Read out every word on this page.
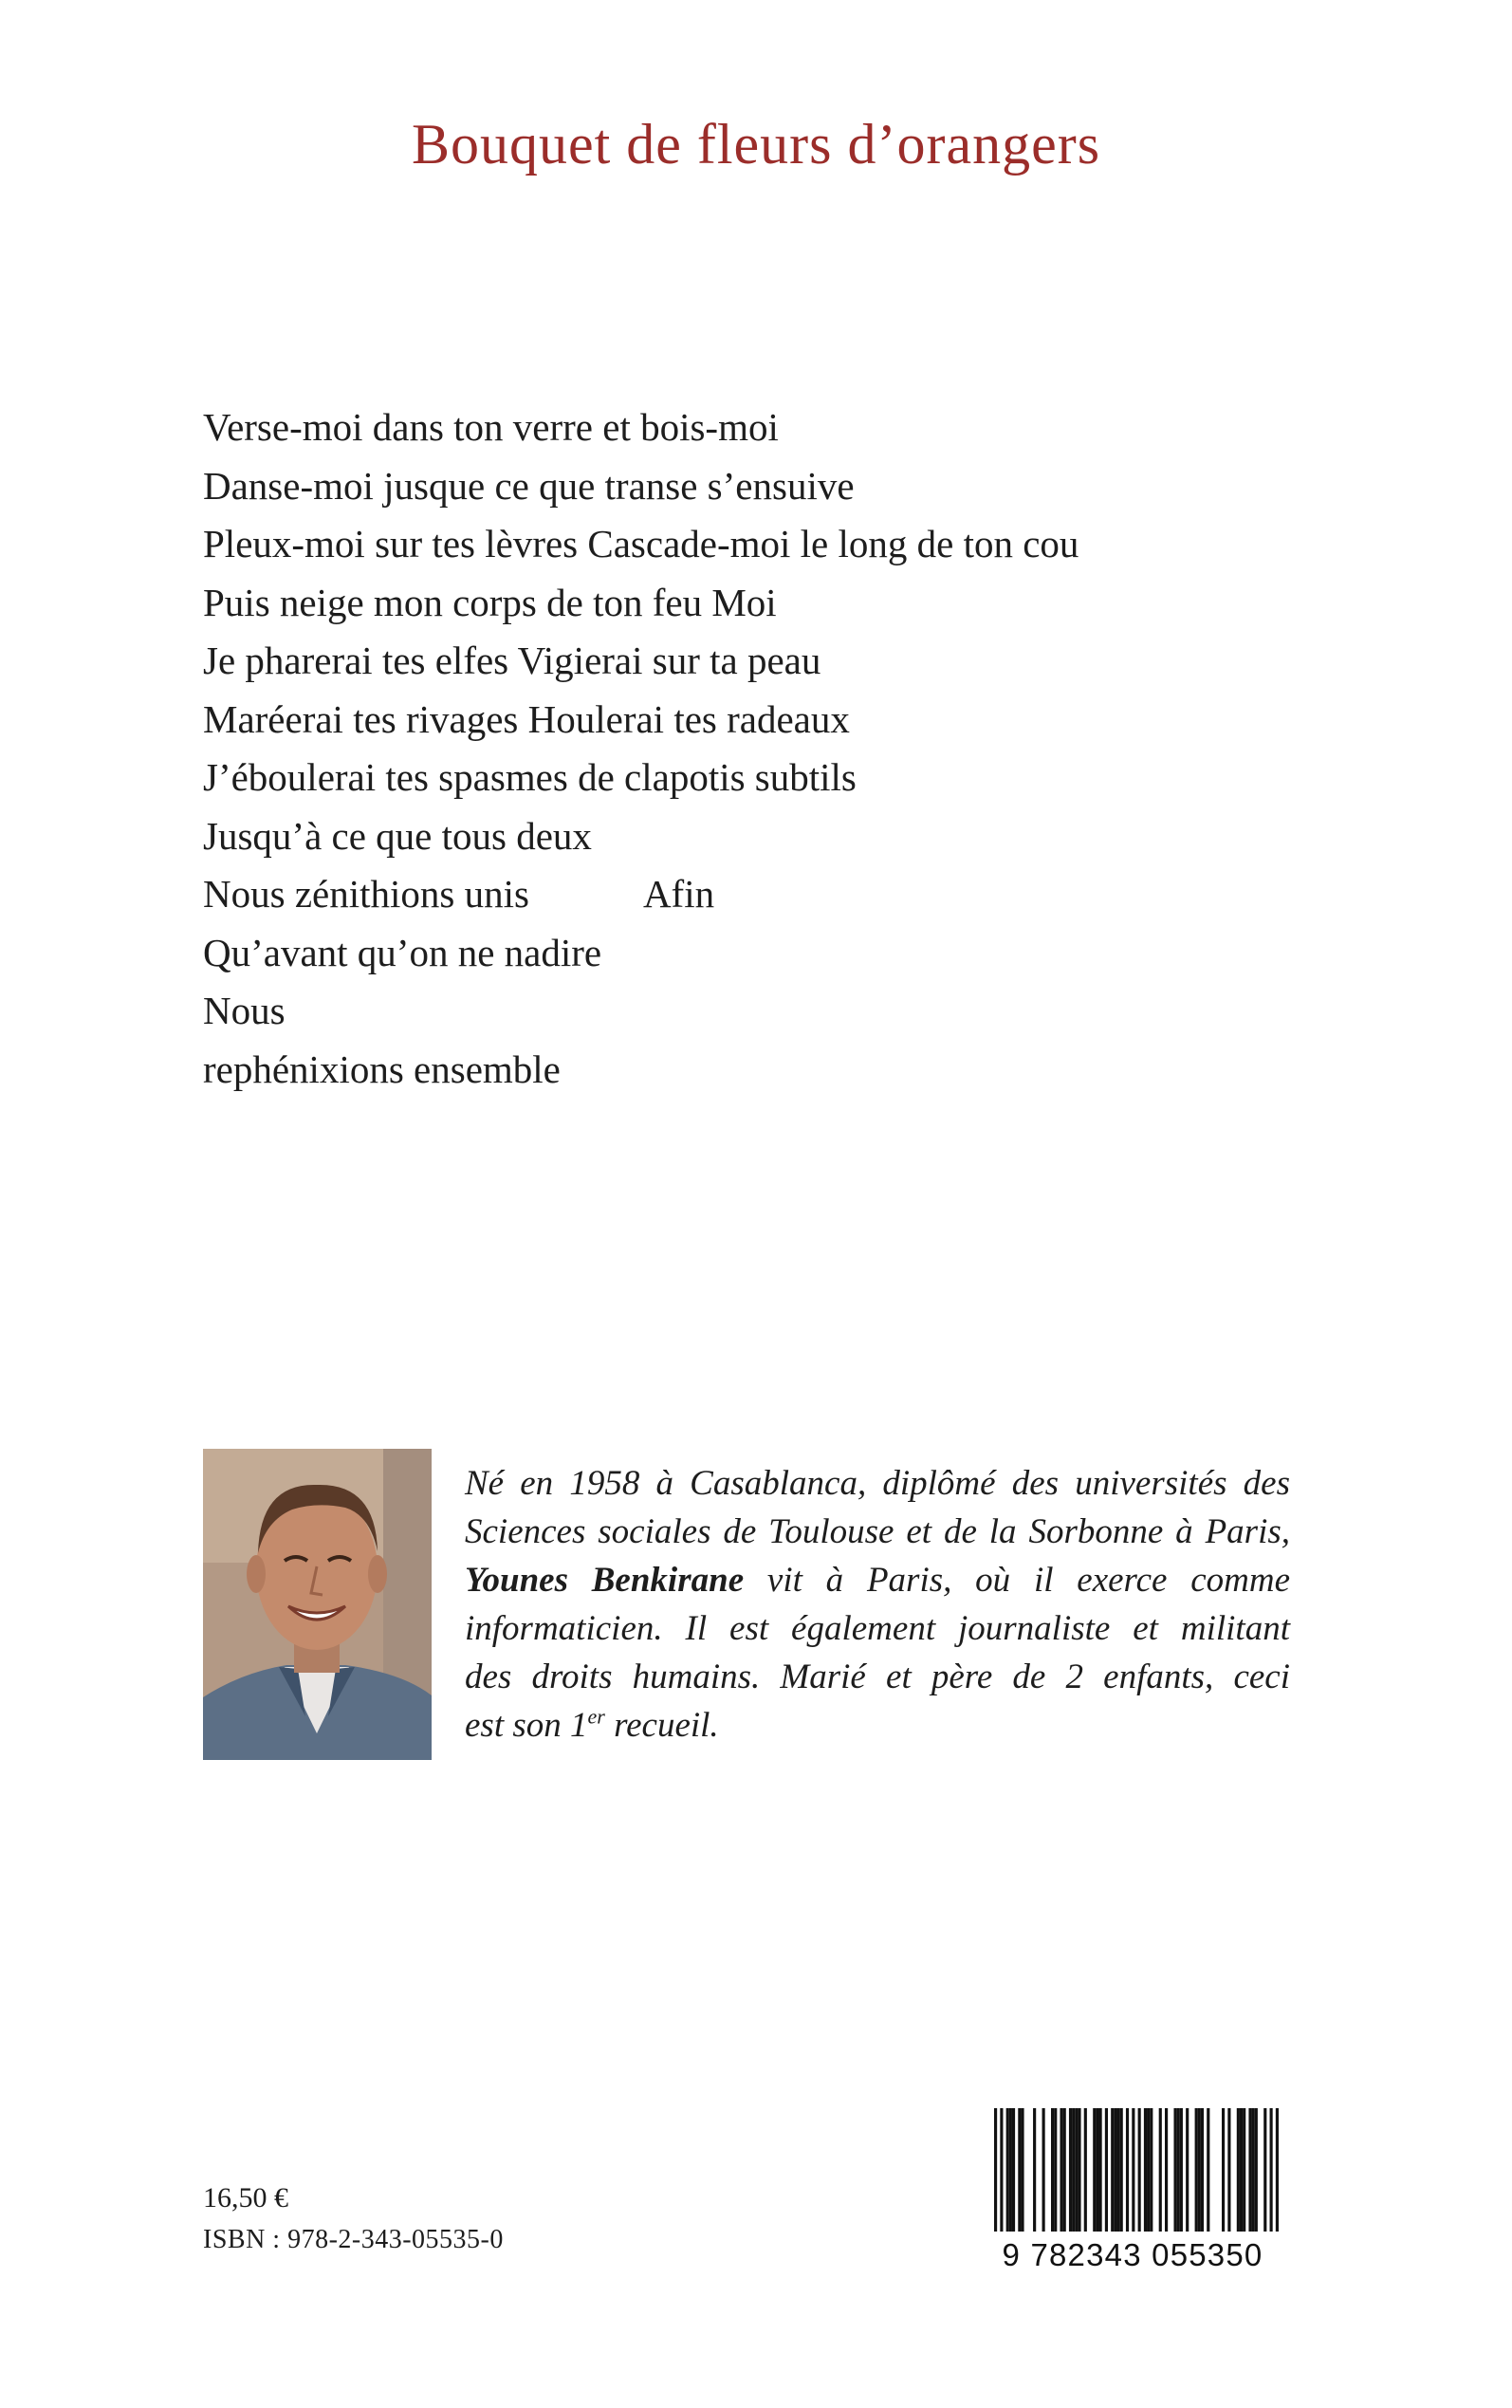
Bouquet de fleurs d’orangers
Verse-moi dans ton verre et bois-moi
Danse-moi jusque ce que transe s’ensuive
Pleux-moi sur tes lèvres Cascade-moi le long de ton cou
Puis neige mon corps de ton feu Moi
Je pharerai tes elfes Vigierai sur ta peau
Maréerai tes rivages Houlerai tes radeaux
J’éboulerai tes spasmes de clapotis subtils
Jusqu’à ce que tous deux
Nous zénithions unis	Afin
Qu’avant qu’on ne nadire
Nous
rephénixions ensemble
Né en 1958 à Casablanca, diplômé des universités des
Sciences sociales de Toulouse et de la Sorbonne à Paris,
Younes Benkirane vit à Paris, où il exerce comme
informaticien. Il est également journaliste et militant
des droits humains. Marié et père de 2 enfants, ceci
est son 1er recueil.
16,50 €
ISBN : 978-2-343-05535-0	9 782343 055350
